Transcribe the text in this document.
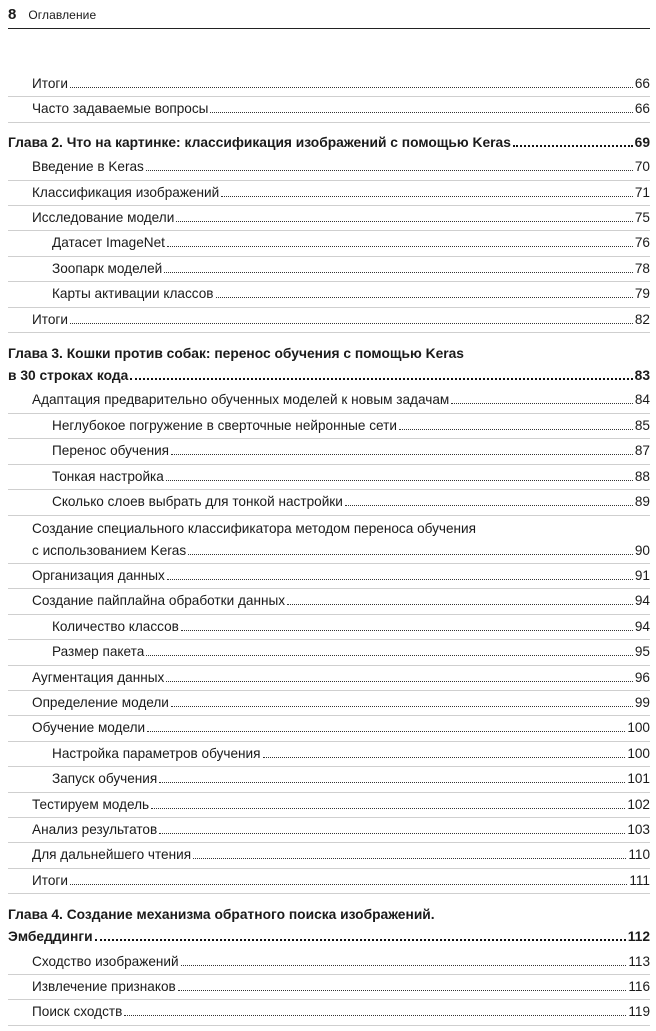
8 Оглавление
Итоги	66
Часто задаваемые вопросы	66
Глава 2. Что на картинке: классификация изображений с помощью Keras	69
Введение в Keras	70
Классификация изображений	71
Исследование модели	75
Датасет ImageNet	76
Зоопарк моделей	78
Карты активации классов	79
Итоги	82
Глава 3. Кошки против собак: перенос обучения с помощью Keras
в 30 строках кода	83
Адаптация предварительно обученных моделей к новым задачам	84
Неглубокое погружение в сверточные нейронные сети	85
Перенос обучения	87
Тонкая настройка	88
Сколько слоев выбрать для тонкой настройки	89
Создание специального классификатора методом переноса обучения
с использованием Keras	90
Организация данных	91
Создание пайплайна обработки данных	94
Количество классов	94
Размер пакета	95
Аугментация данных	96
Определение модели	99
Обучение модели	100
Настройка параметров обучения	100
Запуск обучения	101
Тестируем модель	102
Анализ результатов	103
Для дальнейшего чтения	110
Итоги	111
Глава 4. Создание механизма обратного поиска изображений.
Эмбеддинги	112
Сходство изображений	113
Извлечение признаков	116
Поиск сходств	119
